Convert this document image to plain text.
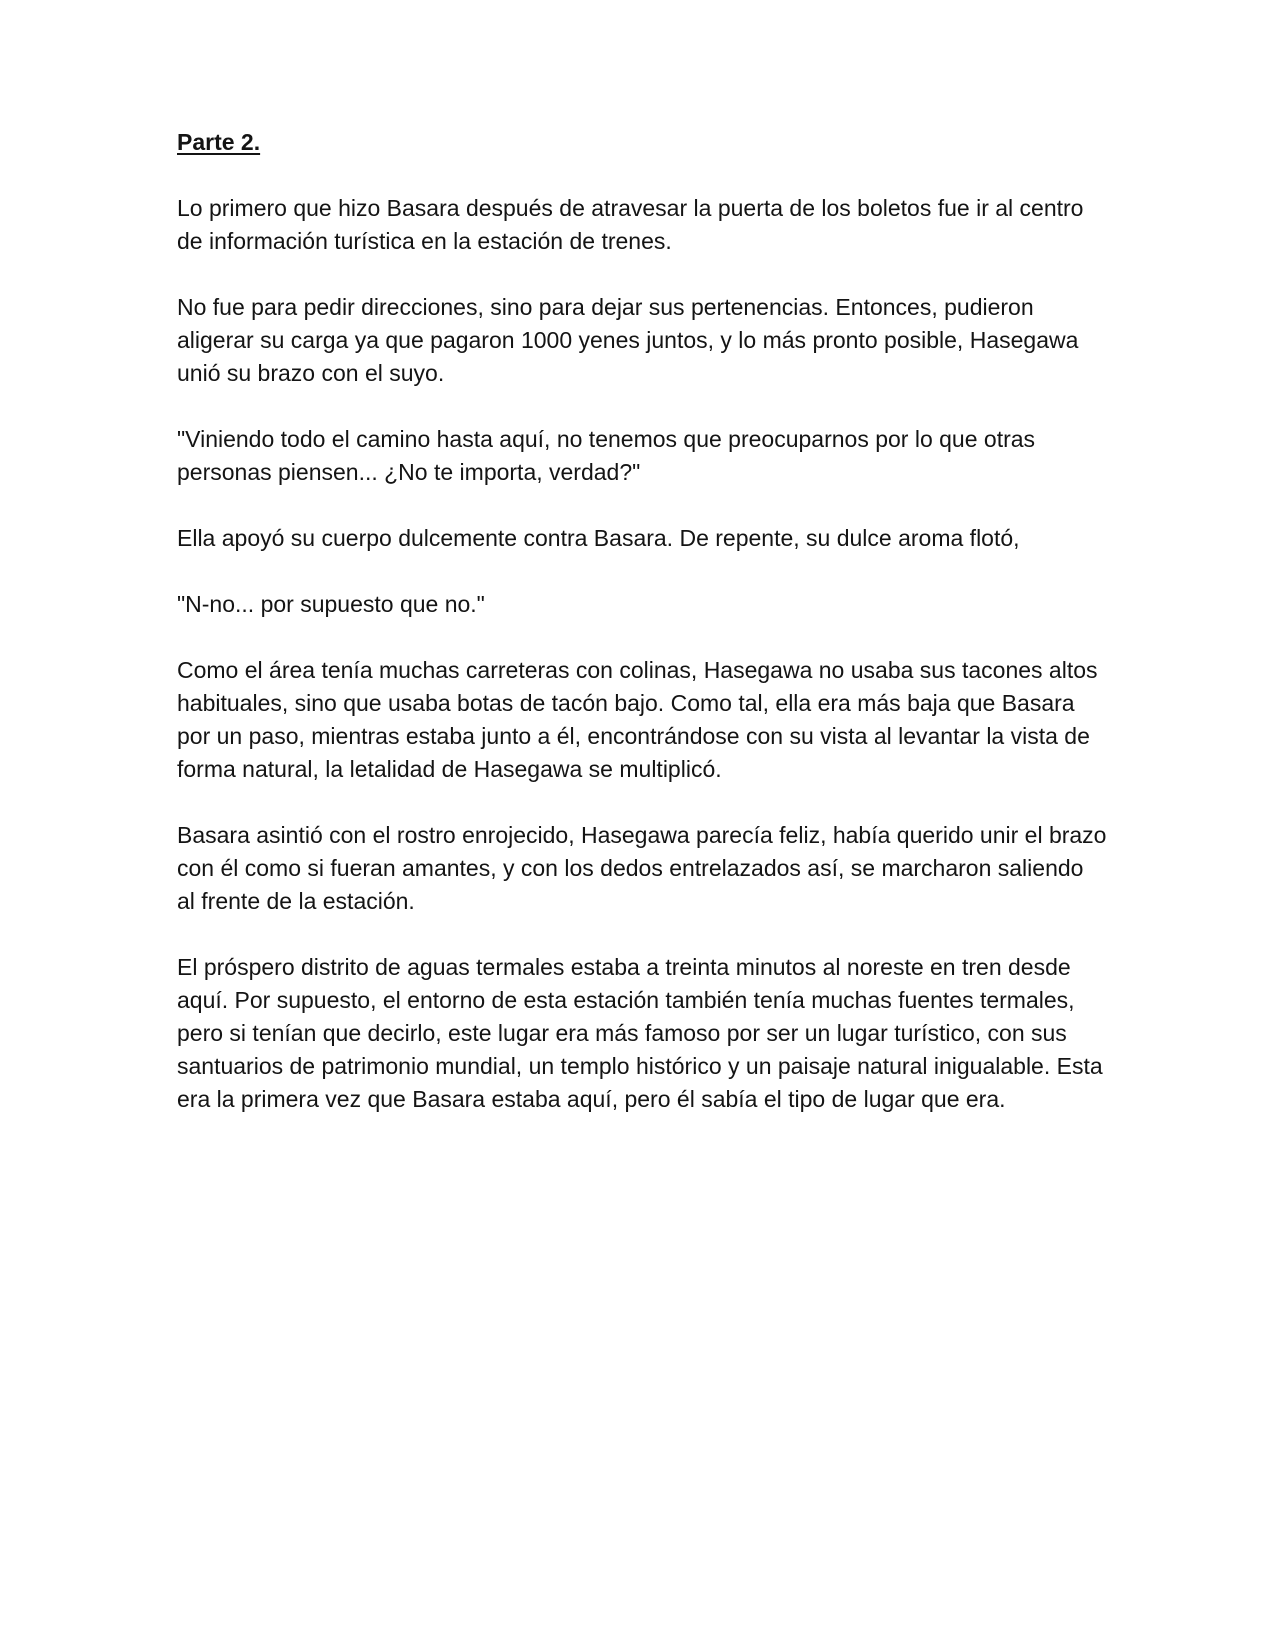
Parte 2.

Lo primero que hizo Basara después de atravesar la puerta de los boletos fue ir al centro de información turística en la estación de trenes.

No fue para pedir direcciones, sino para dejar sus pertenencias. Entonces, pudieron aligerar su carga ya que pagaron 1000 yenes juntos, y lo más pronto posible, Hasegawa unió su brazo con el suyo.

"Viniendo todo el camino hasta aquí, no tenemos que preocuparnos por lo que otras personas piensen... ¿No te importa, verdad?"

Ella apoyó su cuerpo dulcemente contra Basara. De repente, su dulce aroma flotó,

"N-no... por supuesto que no."

Como el área tenía muchas carreteras con colinas, Hasegawa no usaba sus tacones altos habituales, sino que usaba botas de tacón bajo. Como tal, ella era más baja que Basara por un paso, mientras estaba junto a él, encontrándose con su vista al levantar la vista de forma natural, la letalidad de Hasegawa se multiplicó.

Basara asintió con el rostro enrojecido, Hasegawa parecía feliz, había querido unir el brazo con él como si fueran amantes, y con los dedos entrelazados así, se marcharon saliendo al frente de la estación.

El próspero distrito de aguas termales estaba a treinta minutos al noreste en tren desde aquí. Por supuesto, el entorno de esta estación también tenía muchas fuentes termales, pero si tenían que decirlo, este lugar era más famoso por ser un lugar turístico, con sus santuarios de patrimonio mundial, un templo histórico y un paisaje natural inigualable. Esta era la primera vez que Basara estaba aquí, pero él sabía el tipo de lugar que era.
